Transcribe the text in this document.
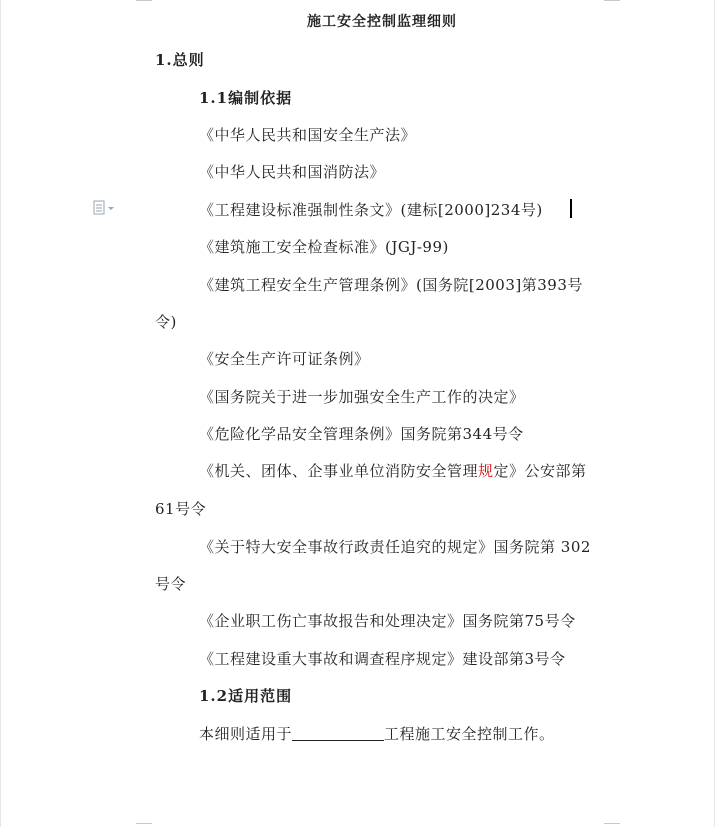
施工安全控制监理细则
1.总则
1.1编制依据
《中华人民共和国安全生产法》
《中华人民共和国消防法》
《工程建设标准强制性条文》(建标[2000]234号)
《建筑施工安全检查标准》(JGJ-99)
《建筑工程安全生产管理条例》(国务院[2003]第393号
令)
《安全生产许可证条例》
《国务院关于进一步加强安全生产工作的决定》
《危险化学品安全管理条例》国务院第344号令
《机关、团体、企事业单位消防安全管理规定》公安部第
61号令
《关于特大安全事故行政责任追究的规定》国务院第 302
号令
《企业职工伤亡事故报告和处理决定》国务院第75号令
《工程建设重大事故和调查程序规定》建设部第3号令
1.2适用范围
本细则适用于	工程施工安全控制工作。
